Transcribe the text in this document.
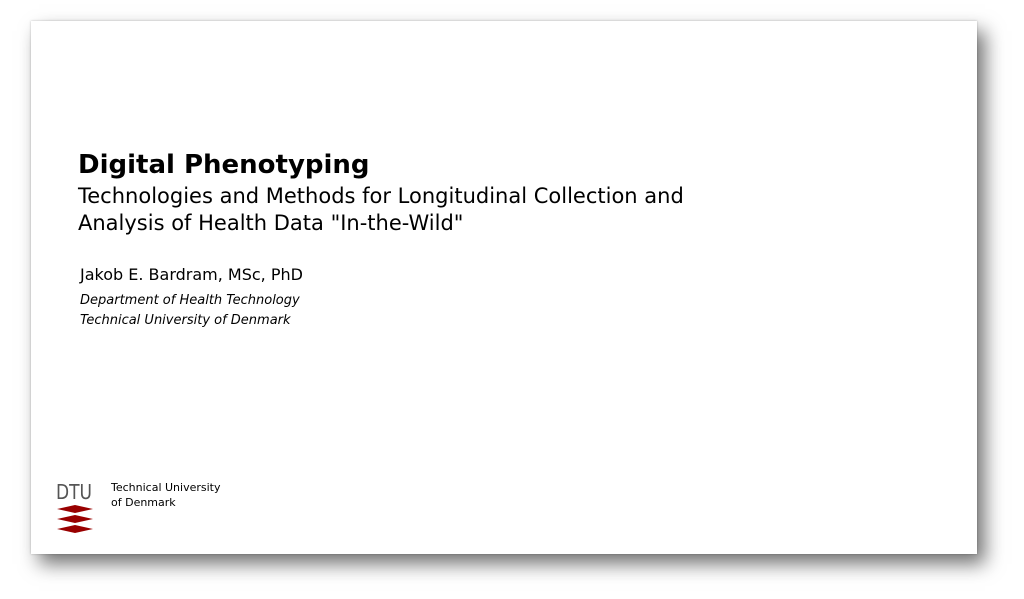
Digital Phenotyping
Technologies and Methods for Longitudinal Collection and
Analysis of Health Data "In-the-Wild"
Jakob E. Bardram, MSc, PhD
Department of Health Technology
Technical University of Denmark
DTU Technical University
of Denmark
